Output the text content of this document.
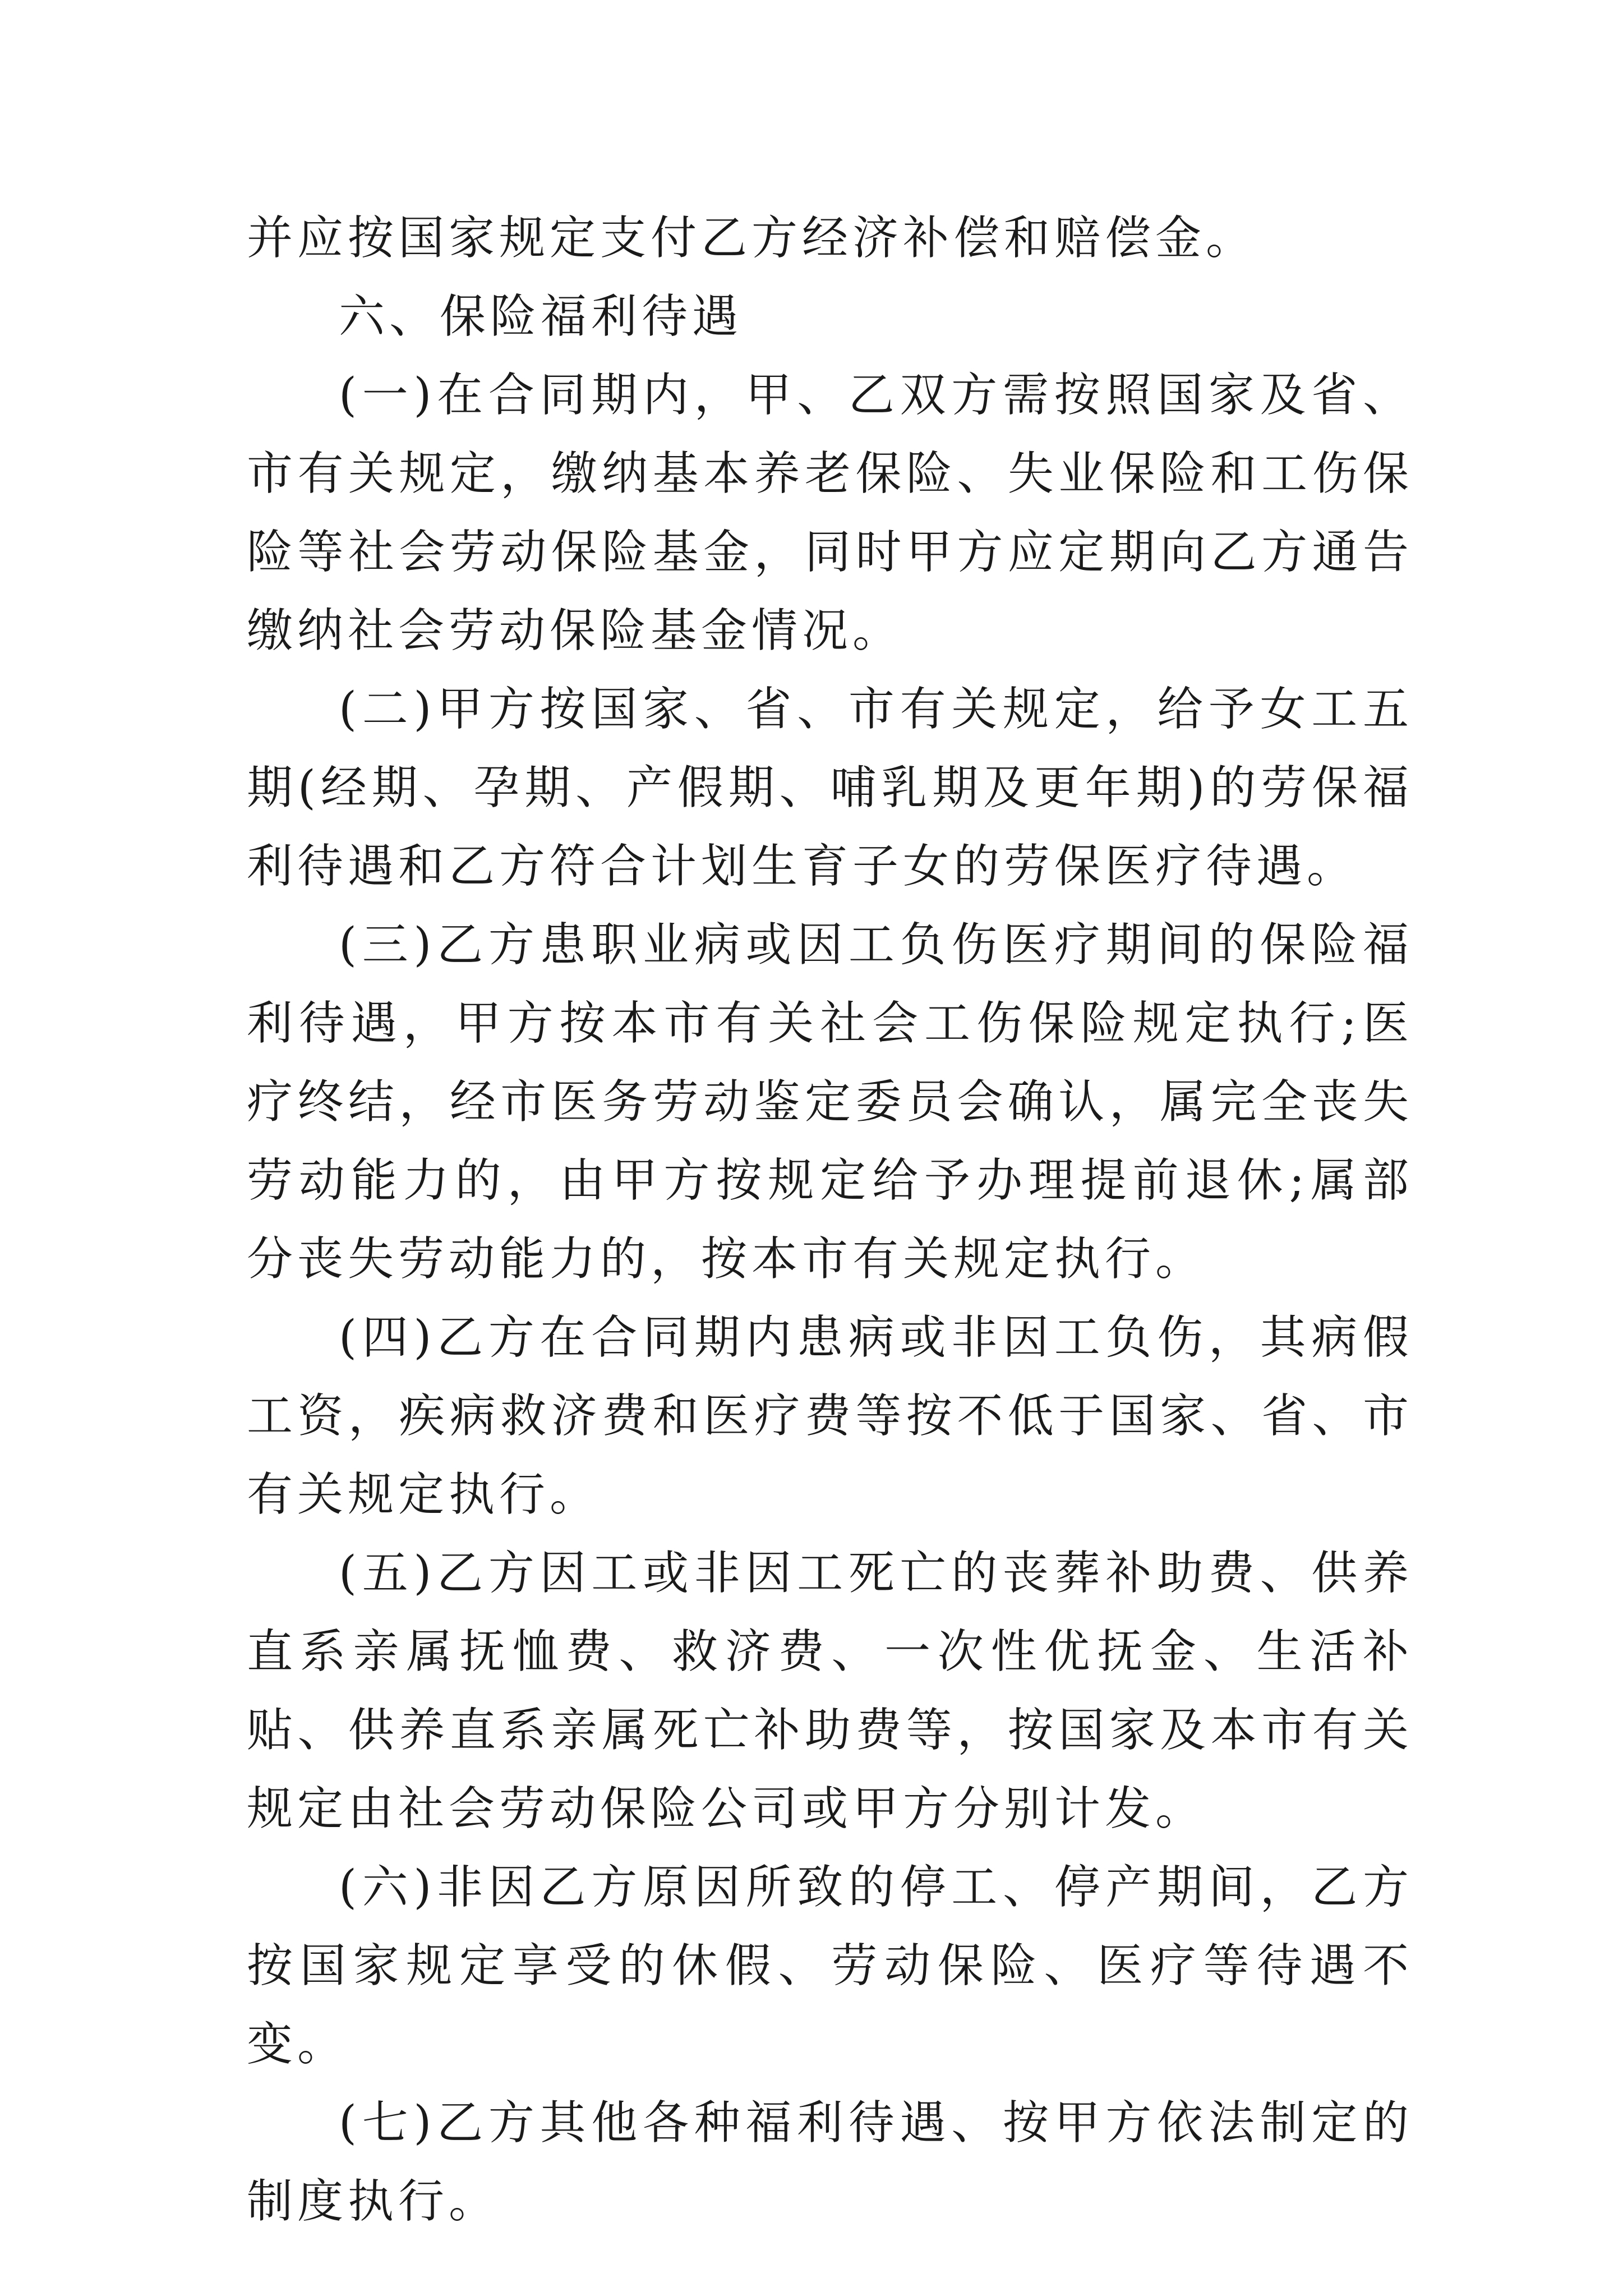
并应按国家规定支付乙方经济补偿和赔偿金。

六、保险福利待遇

(一)在合同期内，甲、乙双方需按照国家及省、市有关规定，缴纳基本养老保险、失业保险和工伤保险等社会劳动保险基金，同时甲方应定期向乙方通告缴纳社会劳动保险基金情况。

(二)甲方按国家、省、市有关规定，给予女工五期(经期、孕期、产假期、哺乳期及更年期)的劳保福利待遇和乙方符合计划生育子女的劳保医疗待遇。

(三)乙方患职业病或因工负伤医疗期间的保险福利待遇，甲方按本市有关社会工伤保险规定执行;医疗终结，经市医务劳动鉴定委员会确认，属完全丧失劳动能力的，由甲方按规定给予办理提前退休;属部分丧失劳动能力的，按本市有关规定执行。

(四)乙方在合同期内患病或非因工负伤，其病假工资，疾病救济费和医疗费等按不低于国家、省、市有关规定执行。

(五)乙方因工或非因工死亡的丧葬补助费、供养直系亲属抚恤费、救济费、一次性优抚金、生活补贴、供养直系亲属死亡补助费等，按国家及本市有关规定由社会劳动保险公司或甲方分别计发。

(六)非因乙方原因所致的停工、停产期间，乙方按国家规定享受的休假、劳动保险、医疗等待遇不变。

(七)乙方其他各种福利待遇、按甲方依法制定的制度执行。
